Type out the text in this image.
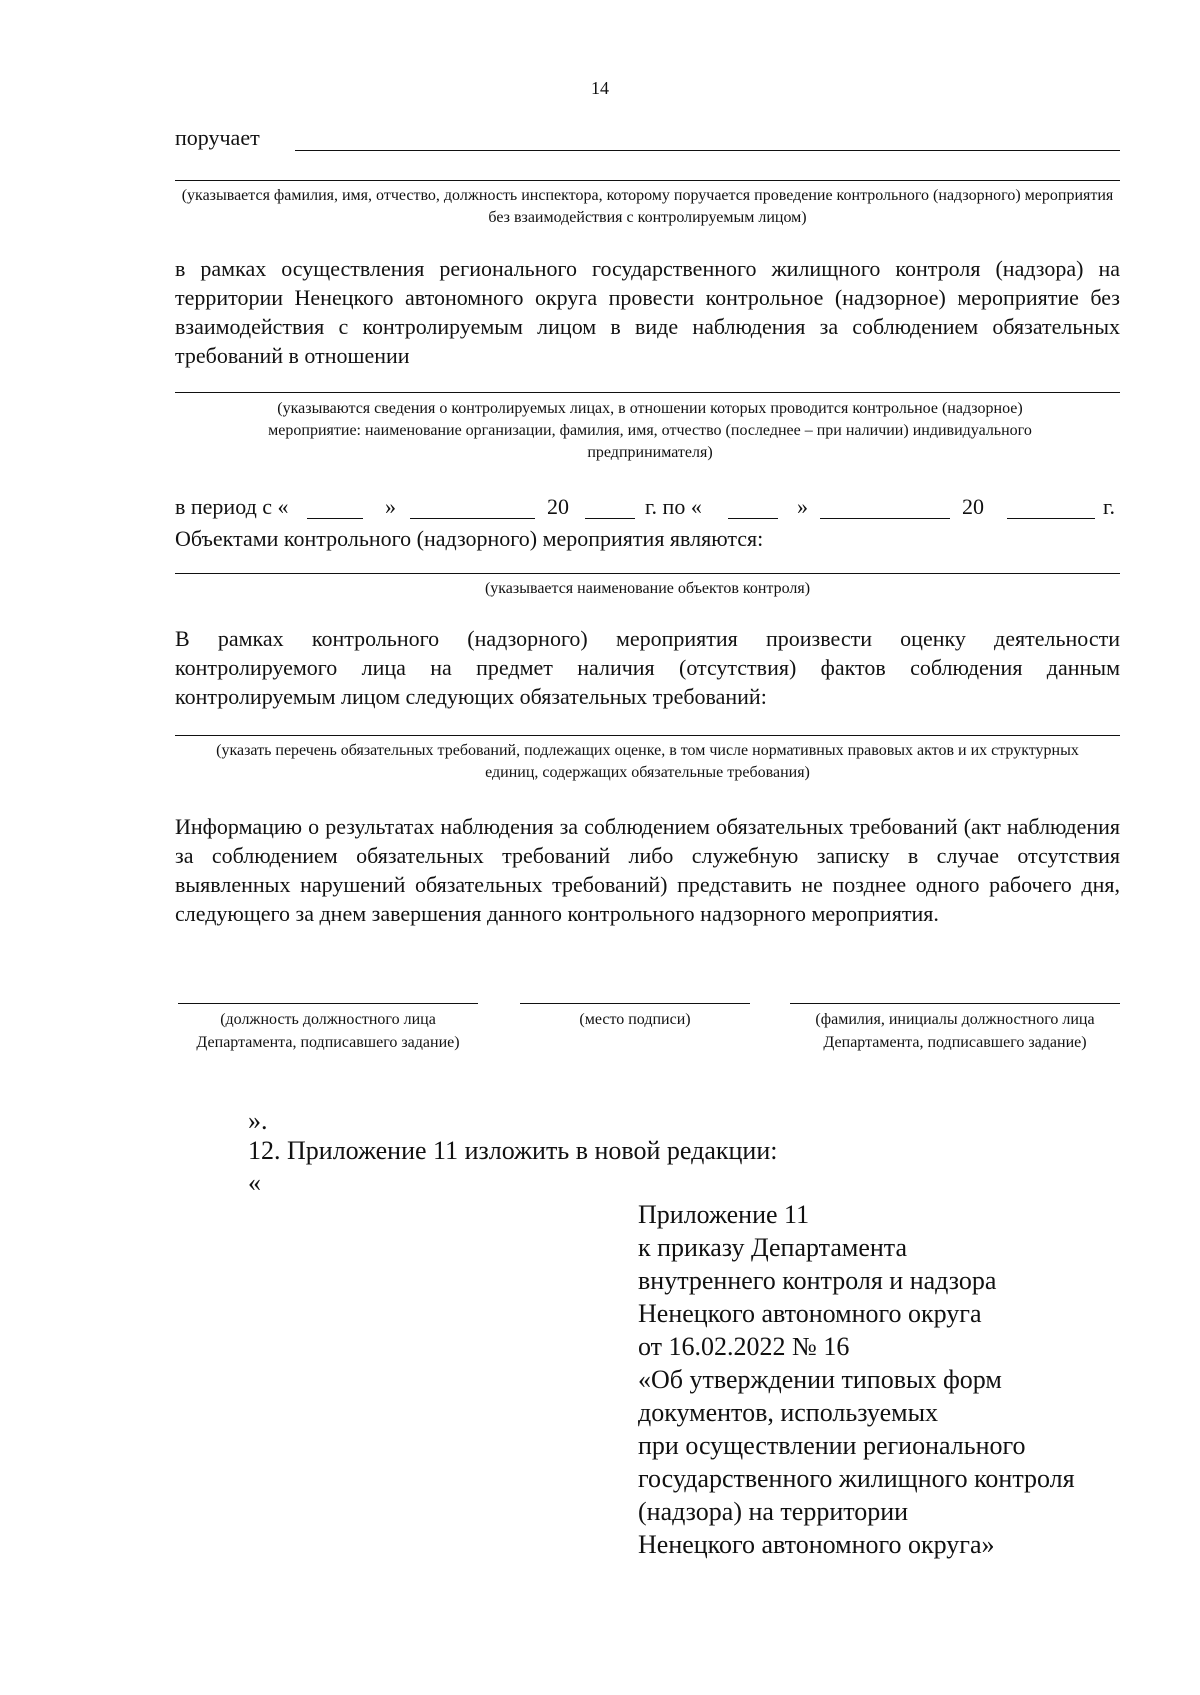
14
поручает
(указывается фамилия, имя, отчество, должность инспектора, которому поручается проведение контрольного (надзорного) мероприятия без взаимодействия с контролируемым лицом)
в рамках осуществления регионального государственного жилищного контроля (надзора) на территории Ненецкого автономного округа провести контрольное (надзорное) мероприятие без взаимодействия с контролируемым лицом в виде наблюдения за соблюдением обязательных требований в отношении
(указываются сведения о контролируемых лицах, в отношении которых проводится контрольное (надзорное) мероприятие: наименование организации, фамилия, имя, отчество (последнее – при наличии) индивидуального предпринимателя)
в период с «	»	20	г. по «	»	20	г.
Объектами контрольного (надзорного) мероприятия являются:
(указывается наименование объектов контроля)
В рамках контрольного (надзорного) мероприятия произвести оценку деятельности контролируемого лица на предмет наличия (отсутствия) фактов соблюдения данным контролируемым лицом следующих обязательных требований:
(указать перечень обязательных требований, подлежащих оценке, в том числе нормативных правовых актов и их структурных единиц, содержащих обязательные требования)
Информацию о результатах наблюдения за соблюдением обязательных требований (акт наблюдения за соблюдением обязательных требований либо служебную записку в случае отсутствия выявленных нарушений обязательных требований) представить не позднее одного рабочего дня, следующего за днем завершения данного контрольного надзорного мероприятия.
(должность должностного лица Департамента, подписавшего задание)
(место подписи)	(фамилия, инициалы должностного лица Департамента, подписавшего задание)
».
12. Приложение 11 изложить в новой редакции:
«
Приложение 11
к приказу Департамента
внутреннего контроля и надзора
Ненецкого автономного округа
от 16.02.2022 № 16
«Об утверждении типовых форм
документов, используемых
при осуществлении регионального
государственного жилищного контроля
(надзора) на территории
Ненецкого автономного округа»
